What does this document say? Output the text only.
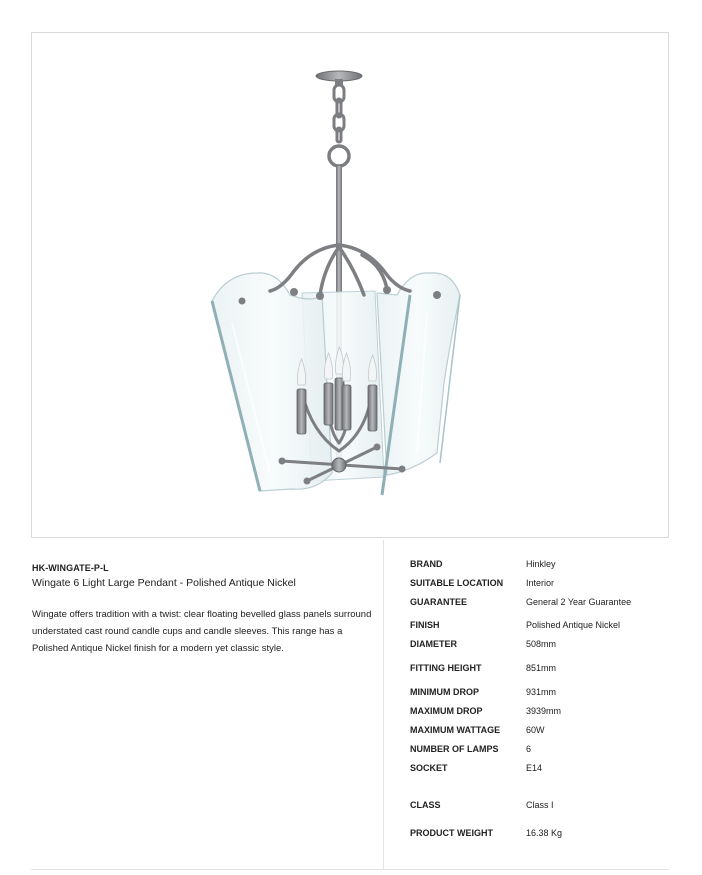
HK-WINGATE-P-L
Wingate 6 Light Large Pendant - Polished Antique Nickel
Wingate offers tradition with a twist: clear floating bevelled glass panels surround understated cast round candle cups and candle sleeves. This range has a Polished Antique Nickel finish for a modern yet classic style.
BRAND	Hinkley
SUITABLE LOCATION	Interior
GUARANTEE	General 2 Year Guarantee
FINISH	Polished Antique Nickel
DIAMETER	508mm
FITTING HEIGHT	851mm
MINIMUM DROP	931mm
MAXIMUM DROP	3939mm
MAXIMUM WATTAGE	60W
NUMBER OF LAMPS	6
SOCKET	E14
CLASS	Class I
PRODUCT WEIGHT	16.38 Kg
